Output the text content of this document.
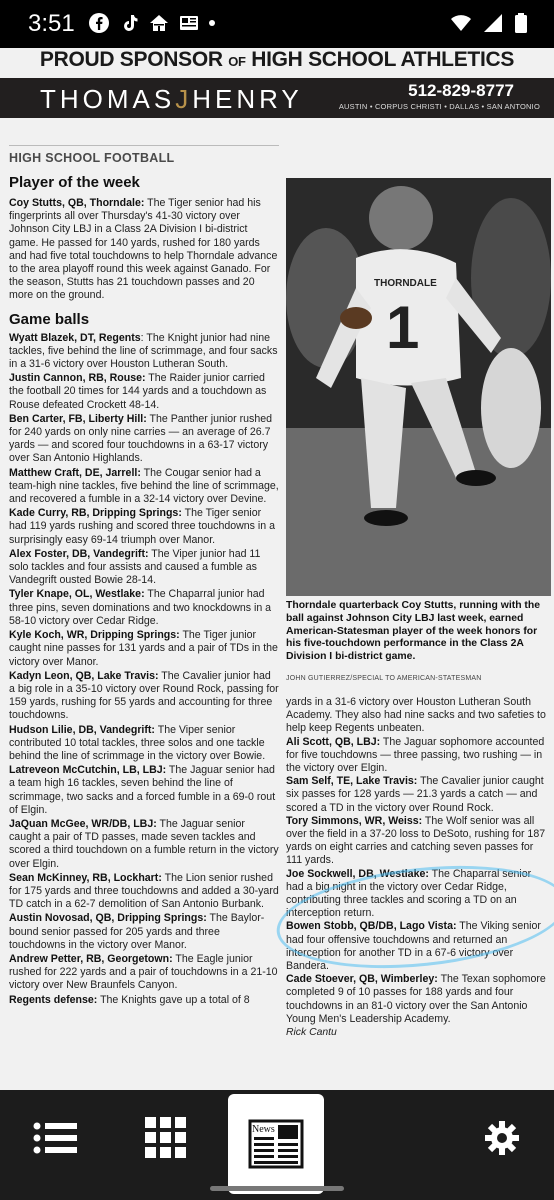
3:51
PROUD SPONSOR OF HIGH SCHOOL ATHLETICS
THOMASJHENRY	512-829-8777
AUSTIN • CORPUS CHRISTI • DALLAS • SAN ANTONIO
HIGH SCHOOL FOOTBALL
Player of the week

Coy Stutts, QB, Thorndale: The Tiger senior had his fingerprints all over Thursday's 41-30 victory over Johnson City LBJ in a Class 2A Division I bi-district game. He passed for 140 yards, rushed for 180 yards and had five total touchdowns to help Thorndale advance to the area playoff round this week against Ganado. For the season, Stutts has 21 touchdown passes and 20 more on the ground.

Game balls

Wyatt Blazek, DT, Regents: The Knight junior had nine tackles, five behind the line of scrimmage, and four sacks in a 31-6 victory over Houston Lutheran South.

Justin Cannon, RB, Rouse: The Raider junior carried the football 20 times for 144 yards and a touchdown as Rouse defeated Crockett 48-14.

Ben Carter, FB, Liberty Hill: The Panther junior rushed for 240 yards on only nine carries — an average of 26.7 yards — and scored four touchdowns in a 63-17 victory over San Antonio Highlands.

Matthew Craft, DE, Jarrell: The Cougar senior had a team-high nine tackles, five behind the line of scrimmage, and recovered a fumble in a 32-14 victory over Devine.

Kade Curry, RB, Dripping Springs: The Tiger senior had 119 yards rushing and scored three touchdowns in a surprisingly easy 69-14 triumph over Manor.

Alex Foster, DB, Vandegrift: The Viper junior had 11 solo tackles and four assists and caused a fumble as Vandegrift ousted Bowie 28-14.

Tyler Knape, OL, Westlake: The Chaparral junior had three pins, seven dominations and two knockdowns in a 58-10 victory over Cedar Ridge.

Kyle Koch, WR, Dripping Springs: The Tiger junior caught nine passes for 131 yards and a pair of TDs in the victory over Manor.

Kadyn Leon, QB, Lake Travis: The Cavalier junior had a big role in a 35-10 victory over Round Rock, passing for 159 yards, rushing for 55 yards and accounting for three touchdowns.

Hudson Lilie, DB, Vandegrift: The Viper senior contributed 10 total tackles, three solos and one tackle behind the line of scrimmage in the victory over Bowie.

Latreveon McCutchin, LB, LBJ: The Jaguar senior had a team high 16 tackles, seven behind the line of scrimmage, two sacks and a forced fumble in a 69-0 rout of Elgin.

JaQuan McGee, WR/DB, LBJ: The Jaguar senior caught a pair of TD passes, made seven tackles and scored a third touchdown on a fumble return in the victory over Elgin.

Sean McKinney, RB, Lockhart: The Lion senior rushed for 175 yards and three touchdowns and added a 30-yard TD catch in a 62-7 demolition of San Antonio Burbank.

Austin Novosad, QB, Dripping Springs: The Baylor-bound senior passed for 205 yards and three touchdowns in the victory over Manor.

Andrew Petter, RB, Georgetown: The Eagle junior rushed for 222 yards and a pair of touchdowns in a 21-10 victory over New Braunfels Canyon.

Regents defense: The Knights gave up a total of 8

THORNDALE
1
Thorndale quarterback Coy Stutts, running with the ball against Johnson City LBJ last week, earned American-Statesman player of the week honors for his five-touchdown performance in the Class 2A Division I bi-district game.
JOHN GUTIERREZ/SPECIAL TO AMERICAN-STATESMAN

yards in a 31-6 victory over Houston Lutheran South Academy. They also had nine sacks and two safeties to help keep Regents unbeaten.

Ali Scott, QB, LBJ: The Jaguar sophomore accounted for five touchdowns — three passing, two rushing — in the victory over Elgin.

Sam Self, TE, Lake Travis: The Cavalier junior caught six passes for 128 yards — 21.3 yards a catch — and scored a TD in the victory over Round Rock.

Tory Simmons, WR, Weiss: The Wolf senior was all over the field in a 37-20 loss to DeSoto, rushing for 187 yards on eight carries and catching seven passes for 111 yards.

Joe Sockwell, DB, Westlake: The Chaparral senior had a big night in the victory over Cedar Ridge, contributing three tackles and scoring a TD on an interception return.

Bowen Stobb, QB/DB, Lago Vista: The Viking senior had four offensive touchdowns and returned an interception for another TD in a 67-6 victory over Bandera.

Cade Stoever, QB, Wimberley: The Texan sophomore completed 9 of 10 passes for 188 yards and four touchdowns in an 81-0 victory over the San Antonio Young Men's Leadership Academy.

Rick Cantu

News
